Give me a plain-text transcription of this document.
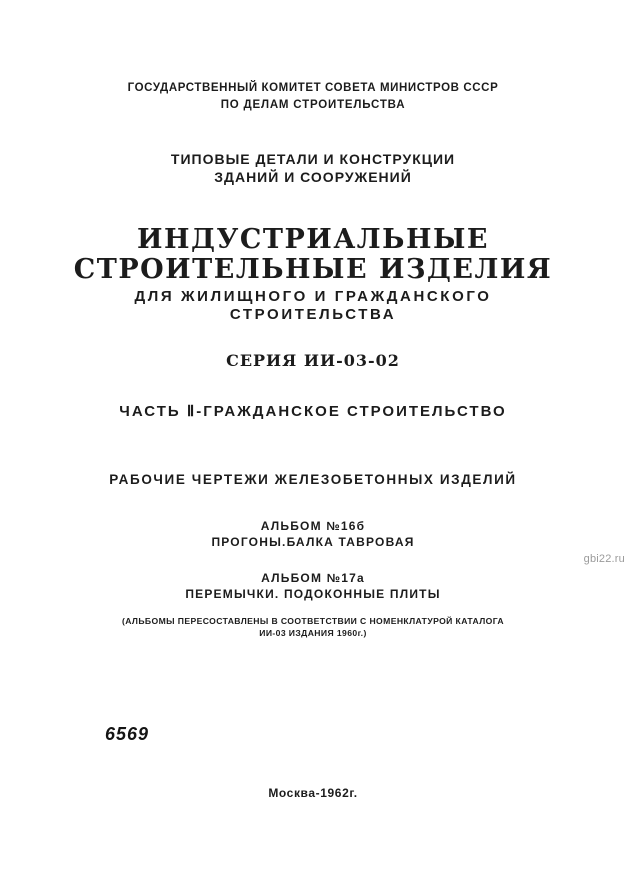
ГОСУДАРСТВЕННЫЙ КОМИТЕТ СОВЕТА МИНИСТРОВ СССР
ПО ДЕЛАМ СТРОИТЕЛЬСТВА
ТИПОВЫЕ ДЕТАЛИ И КОНСТРУКЦИИ
ЗДАНИЙ И СООРУЖЕНИЙ
ИНДУСТРИАЛЬНЫЕ
СТРОИТЕЛЬНЫЕ ИЗДЕЛИЯ
ДЛЯ ЖИЛИЩНОГО И ГРАЖДАНСКОГО
СТРОИТЕЛЬСТВА
СЕРИЯ ИИ-03-02
ЧАСТЬ Ⅱ-ГРАЖДАНСКОЕ СТРОИТЕЛЬСТВО
РАБОЧИЕ ЧЕРТЕЖИ ЖЕЛЕЗОБЕТОННЫХ ИЗДЕЛИЙ
АЛЬБОМ №16б
ПРОГОНЫ.БАЛКА ТАВРОВАЯ
АЛЬБОМ №17а
ПЕРЕМЫЧКИ. ПОДОКОННЫЕ ПЛИТЫ
(АЛЬБОМЫ ПЕРЕСОСТАВЛЕНЫ В СООТВЕТСТВИИ С НОМЕНКЛАТУРОЙ КАТАЛОГА
ИИ-03 ИЗДАНИЯ 1960г.)
6569
Москва-1962г.
gbi22.ru
